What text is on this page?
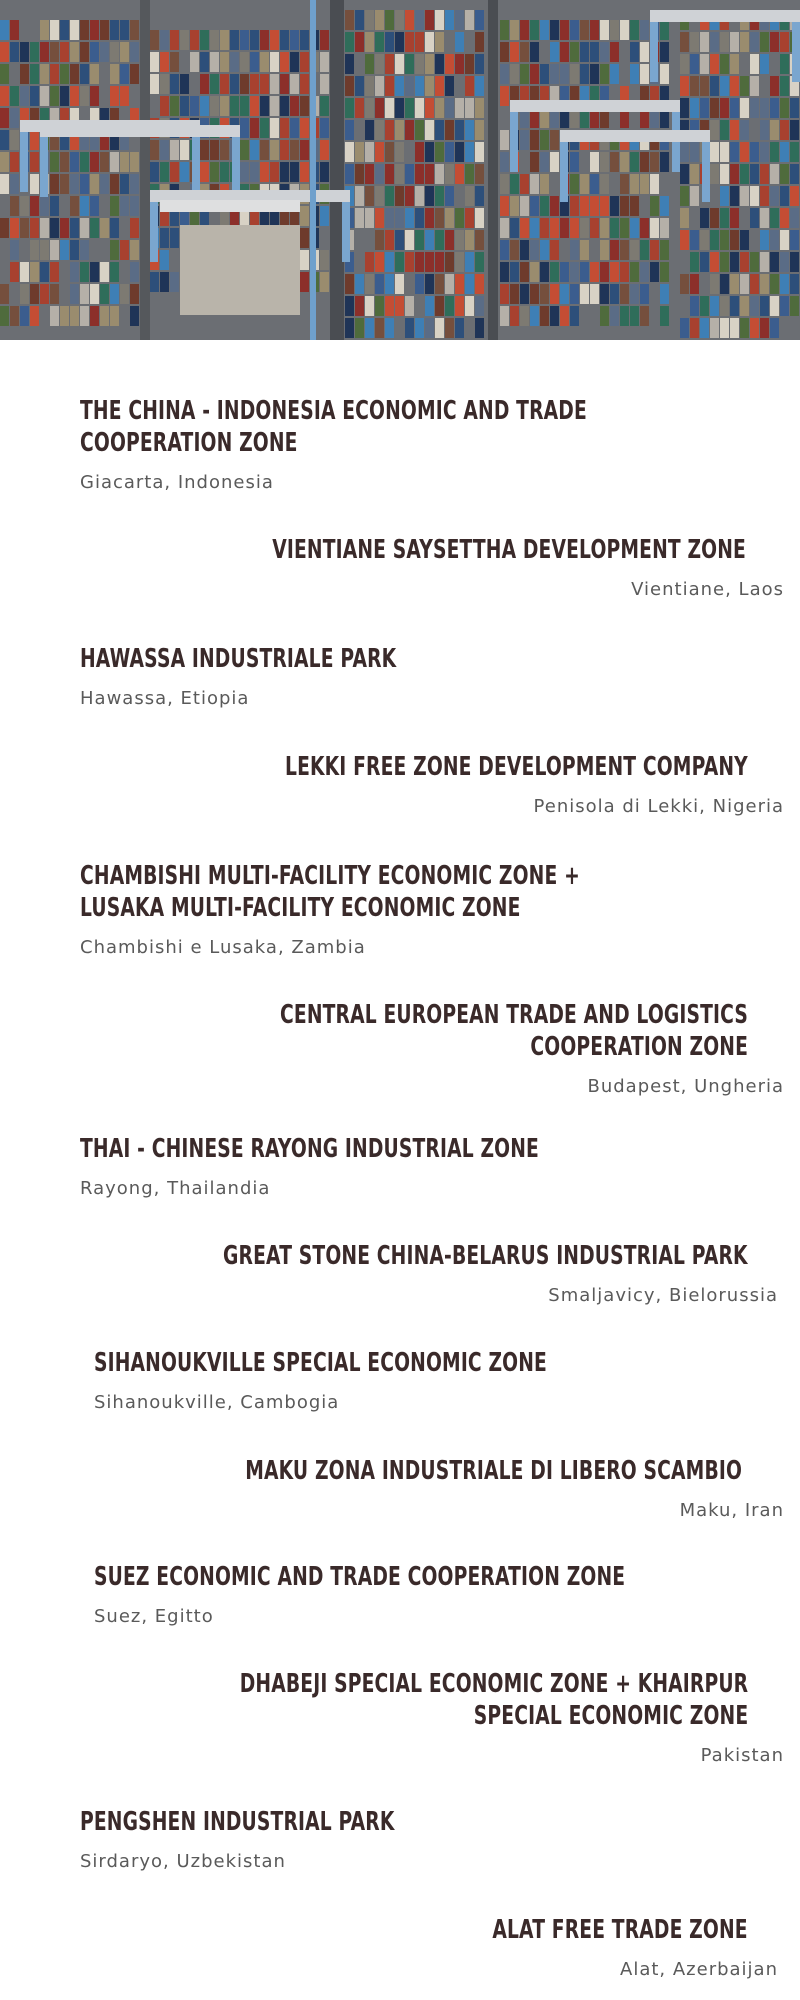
THE CHINA - INDONESIA ECONOMIC AND TRADE
COOPERATION ZONE

Giacarta, Indonesia

VIENTIANE SAYSETTHA DEVELOPMENT ZONE

Vientiane, Laos

HAWASSA INDUSTRIALE PARK

Hawassa, Etiopia

LEKKI FREE ZONE DEVELOPMENT COMPANY

Penisola di Lekki, Nigeria

CHAMBISHI MULTI-FACILITY ECONOMIC ZONE +
LUSAKA MULTI-FACILITY ECONOMIC ZONE

Chambishi e Lusaka, Zambia

CENTRAL EUROPEAN TRADE AND LOGISTICS
COOPERATION ZONE

Budapest, Ungheria

THAI - CHINESE RAYONG INDUSTRIAL ZONE

Rayong, Thailandia

GREAT STONE CHINA-BELARUS INDUSTRIAL PARK

Smaljavicy, Bielorussia

SIHANOUKVILLE SPECIAL ECONOMIC ZONE

Sihanoukville, Cambogia

MAKU ZONA INDUSTRIALE DI LIBERO SCAMBIO

Maku, Iran

SUEZ ECONOMIC AND TRADE COOPERATION ZONE

Suez, Egitto

DHABEJI SPECIAL ECONOMIC ZONE + KHAIRPUR
SPECIAL ECONOMIC ZONE

Pakistan

PENGSHEN INDUSTRIAL PARK

Sirdaryo, Uzbekistan

ALAT FREE TRADE ZONE

Alat, Azerbaijan
